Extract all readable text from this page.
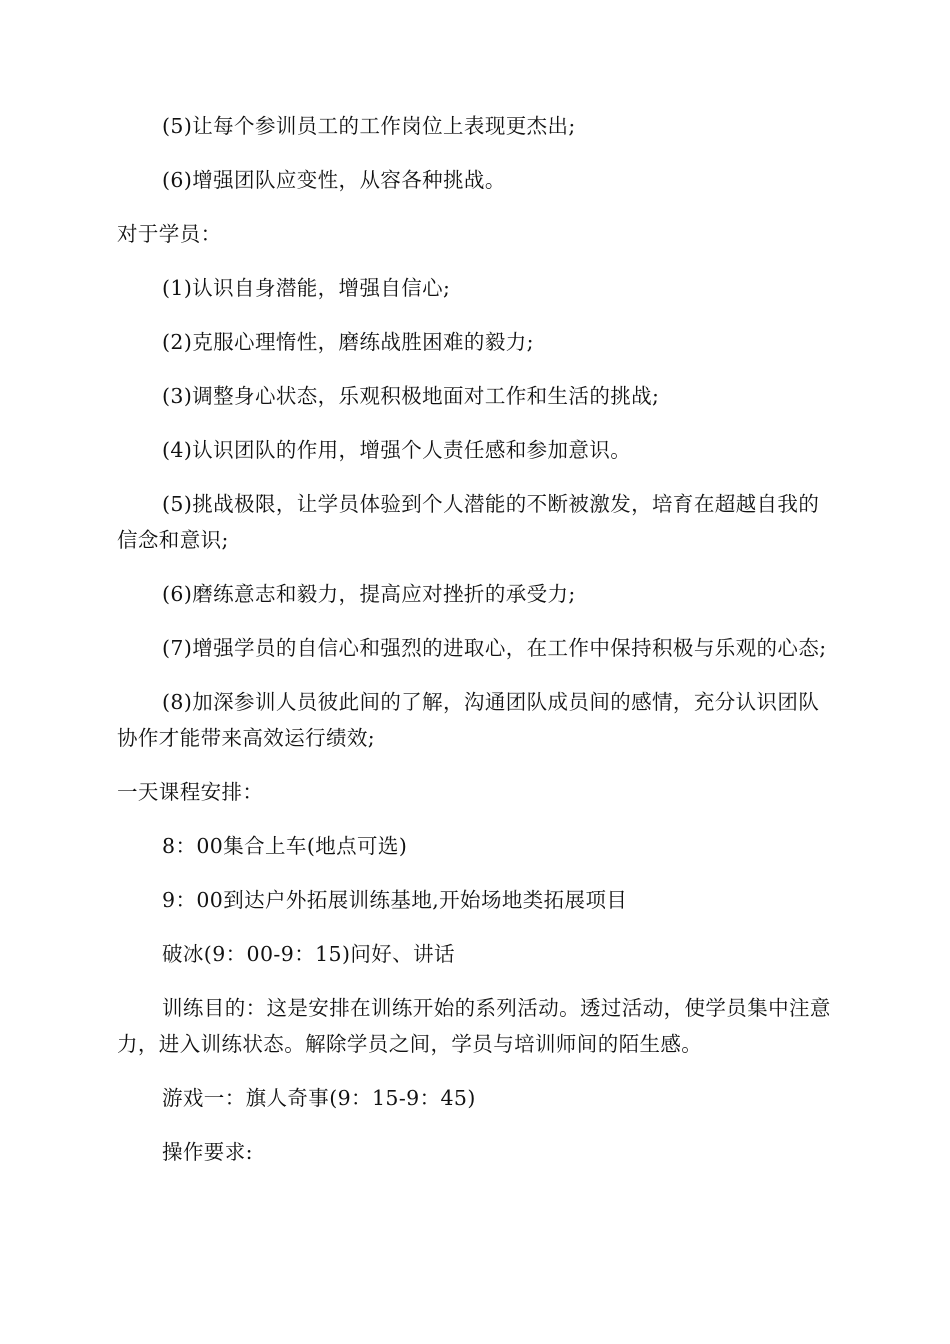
(5)让每个参训员工的工作岗位上表现更杰出;

(6)增强团队应变性，从容各种挑战。

对于学员：

(1)认识自身潜能，增强自信心;

(2)克服心理惰性，磨练战胜困难的毅力;

(3)调整身心状态，乐观积极地面对工作和生活的挑战;

(4)认识团队的作用，增强个人责任感和参加意识。

(5)挑战极限，让学员体验到个人潜能的不断被激发，培育在超越自我的信念和意识;

(6)磨练意志和毅力，提高应对挫折的承受力;

(7)增强学员的自信心和强烈的进取心，在工作中保持积极与乐观的心态;

(8)加深参训人员彼此间的了解，沟通团队成员间的感情，充分认识团队协作才能带来高效运行绩效;

一天课程安排：

8：00集合上车(地点可选)

9：00到达户外拓展训练基地,开始场地类拓展项目

破冰(9：00-9：15)问好、讲话

训练目的：这是安排在训练开始的系列活动。透过活动，使学员集中注意力，进入训练状态。解除学员之间，学员与培训师间的陌生感。

游戏一：旗人奇事(9：15-9：45)

操作要求:
